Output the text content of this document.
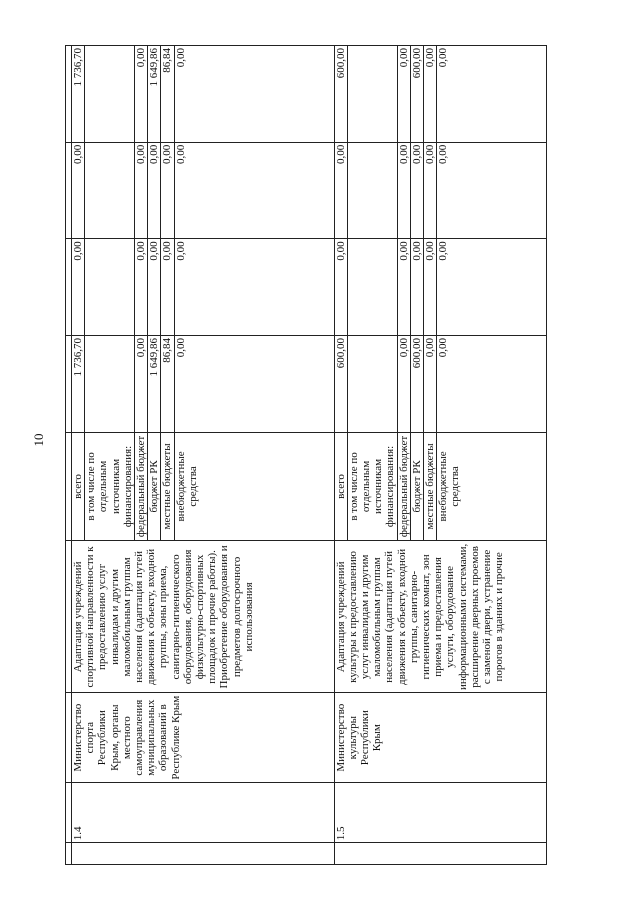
10

	1.4	Министерство спорта Республики Крым, органы местного самоуправления муниципальных образований в Республике Крым	Адаптация учреждений спортивной направленности к предоставлению услуг инвалидам и другим маломобильным группам населения (адаптация путей движения к объекту, входной группы, зоны приема, санитарно-гигиенического оборудования, оборудования физкультурно-спортивных площадок и прочие работы). Приобретение оборудования и предметов долгосрочного использования	всего	1 736,70	0,00	0,00	1 736,70
				в том числе по отдельным источникам финансирования:				
				федеральный бюджет	0,00	0,00	0,00	0,00
				бюджет РК	1 649,86	0,00	0,00	1 649,86
				местные бюджеты	86,84	0,00	0,00	86,84
				внебюджетные средства	0,00	0,00	0,00	0,00
	1.5	Министерство культуры Республики Крым	Адаптация учреждений культуры к предоставлению услуг инвалидам и другим маломобильным группам населения (адаптация путей движения к объекту, входной группы, санитарно-гигиенических комнат, зон приема и предоставления услуги, оборудование информационными системами, расширение дверных проемов с заменой двери, устранение порогов в зданиях и прочие	всего	600,00	0,00	0,00	600,00
				в том числе по отдельным источникам финансирования:				
				федеральный бюджет	0,00	0,00	0,00	0,00
				бюджет РК	600,00	0,00	0,00	600,00
				местные бюджеты	0,00	0,00	0,00	0,00
				внебюджетные средства	0,00	0,00	0,00	0,00
